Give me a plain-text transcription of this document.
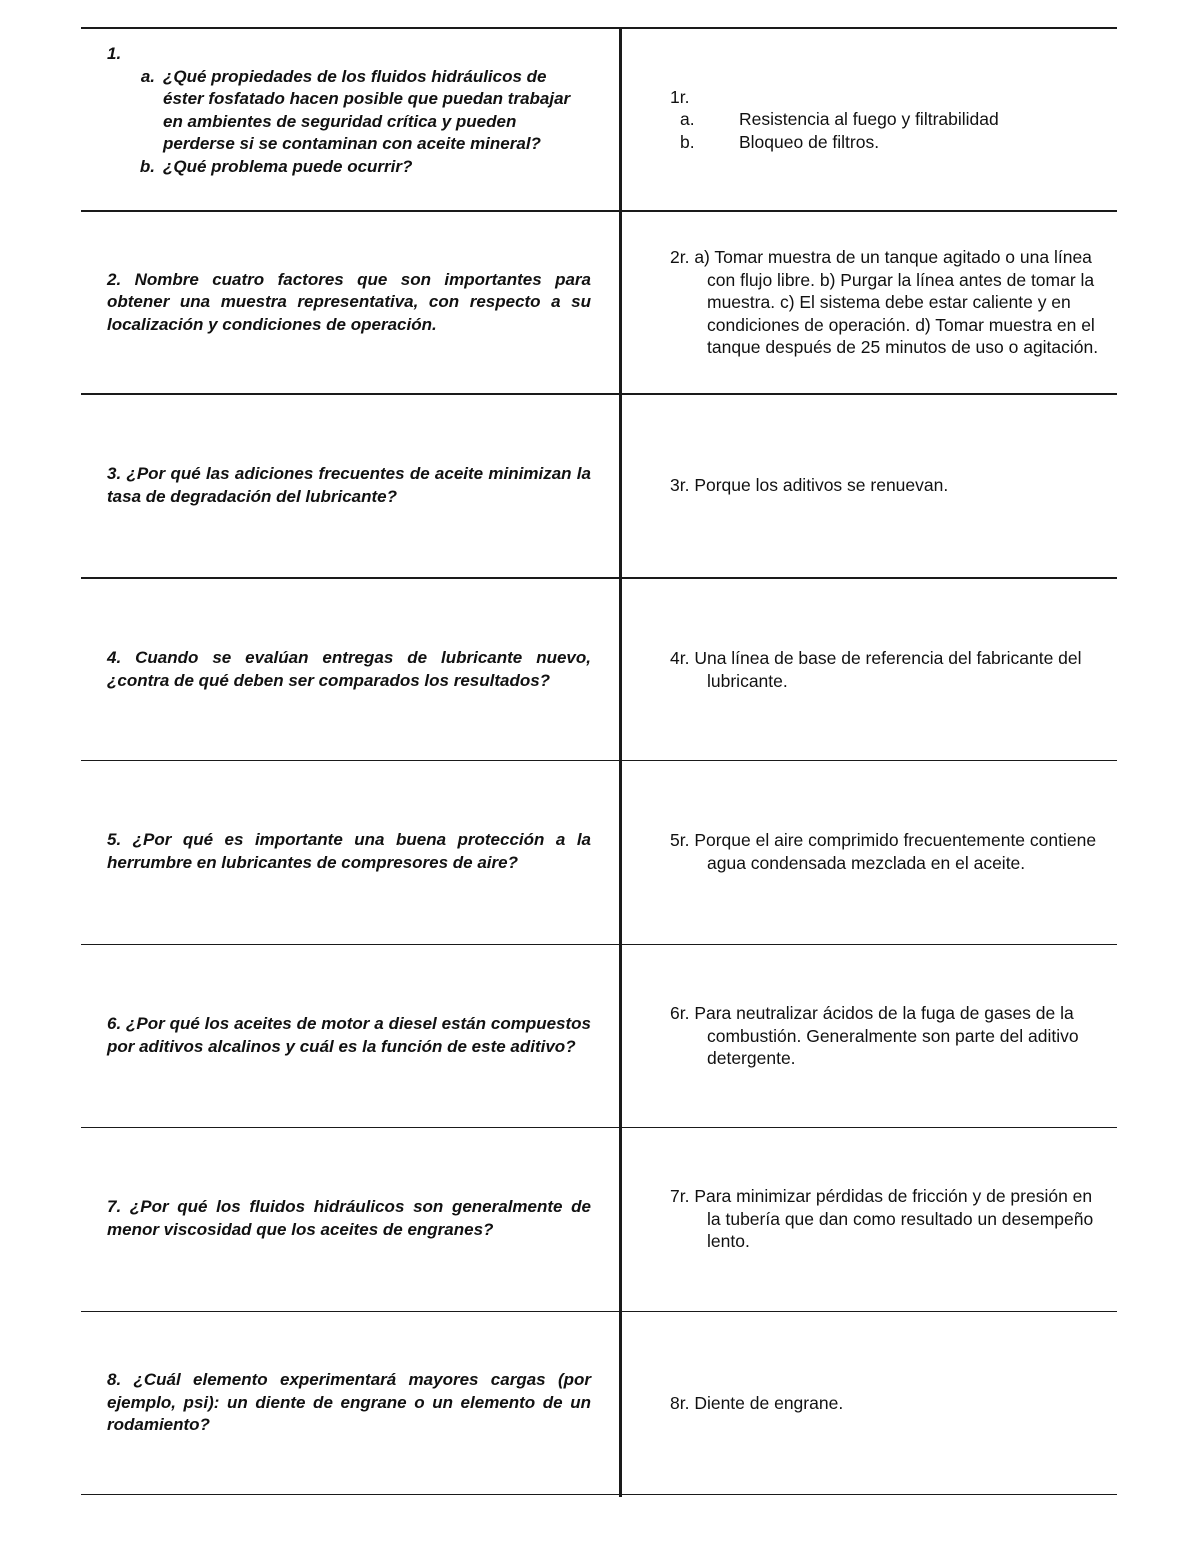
1.
a. ¿Qué propiedades de los fluidos hidráulicos de éster fosfatado hacen posible que puedan trabajar en ambientes de seguridad crítica y pueden perderse si se contaminan con aceite mineral?
b. ¿Qué problema puede ocurrir?
1r.
a.	Resistencia al fuego y filtrabilidad
b.	Bloqueo de filtros.
2. Nombre cuatro factores que son importantes para obtener una muestra representativa, con respecto a su localización y condiciones de operación.
2r. a) Tomar muestra de un tanque agitado o una línea con flujo libre. b) Purgar la línea antes de tomar la muestra. c) El sistema debe estar caliente y en condiciones de operación. d) Tomar muestra en el tanque después de 25 minutos de uso o agitación.
3. ¿Por qué las adiciones frecuentes de aceite minimizan la tasa de degradación del lubricante?
3r. Porque los aditivos se renuevan.
4. Cuando se evalúan entregas de lubricante nuevo, ¿contra de qué deben ser comparados los resultados?
4r. Una línea de base de referencia del fabricante del lubricante.
5. ¿Por qué es importante una buena protección a la herrumbre en lubricantes de compresores de aire?
5r. Porque el aire comprimido frecuentemente contiene agua condensada mezclada en el aceite.
6. ¿Por qué los aceites de motor a diesel están compuestos por aditivos alcalinos y cuál es la función de este aditivo?
6r. Para neutralizar ácidos de la fuga de gases de la combustión. Generalmente son parte del aditivo detergente.
7. ¿Por qué los fluidos hidráulicos son generalmente de menor viscosidad que los aceites de engranes?
7r. Para minimizar pérdidas de fricción y de presión en la tubería que dan como resultado un desempeño lento.
8. ¿Cuál elemento experimentará mayores cargas (por ejemplo, psi): un diente de engrane o un elemento de un rodamiento?
8r. Diente de engrane.
